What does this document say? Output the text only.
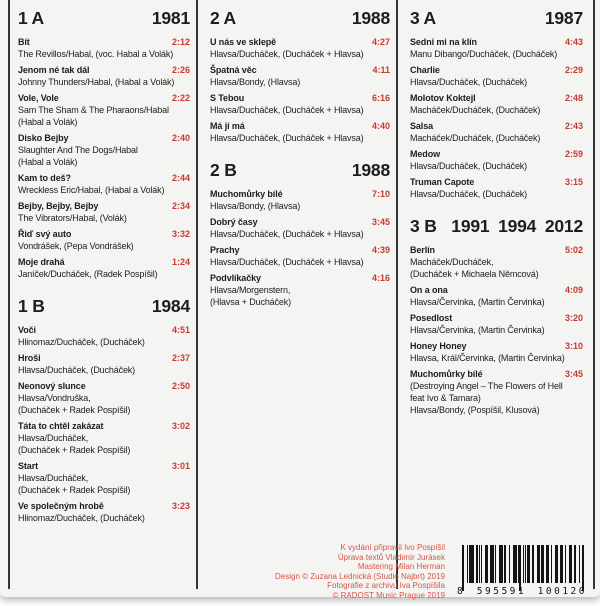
1 A	1981
Bít	2:12
The Revillos/Habal, (voc. Habal a Volák)
Jenom né tak dál	2:26
Johnny Thunders/Habal, (Habal a Volák)
Vole, Vole	2:22
Sam The Sham & The Pharaons/Habal
(Habal a Volák)
Disko Bejby	2:40
Slaughter And The Dogs/Habal
(Habal a Volák)
Kam to deš?	2:44
Wreckless Eric/Habal, (Habal a Volák)
Bejby, Bejby, Bejby	2:34
The Vibrators/Habal, (Volák)
Řiď svý auto	3:32
Vondrášek, (Pepa Vondrášek)
Moje drahá	1:24
Janíček/Ducháček, (Radek Pospíšil)
1 B	1984
Voči	4:51
Hlinomaz/Ducháček, (Ducháček)
Hroši	2:37
Hlavsa/Ducháček, (Ducháček)
Neonový slunce	2:50
Hlavsa/Vondruška,
(Ducháček + Radek Pospíšil)
Táta to chtěl zakázat	3:02
Hlavsa/Ducháček,
(Ducháček + Radek Pospíšil)
Start	3:01
Hlavsa/Ducháček,
(Ducháček + Radek Pospíšil)
Ve společným hrobě	3:23
Hlinomaz/Ducháček, (Ducháček)
2 A	1988
U nás ve sklepě	4:27
Hlavsa/Ducháček, (Ducháček + Hlavsa)
Špatná věc	4:11
Hlavsa/Bondy, (Hlavsa)
S Tebou	6:16
Hlavsa/Ducháček, (Ducháček + Hlavsa)
Má jí má	4:40
Hlavsa/Ducháček, (Ducháček + Hlavsa)
2 B	1988
Muchomůrky bílé	7:10
Hlavsa/Bondy, (Hlavsa)
Dobrý časy	3:45
Hlavsa/Ducháček, (Ducháček + Hlavsa)
Prachy	4:39
Hlavsa/Ducháček, (Ducháček + Hlavsa)
Podvlíkačky	4:16
Hlavsa/Morgenstern,
(Hlavsa + Ducháček)
3 A	1987
Sedni mi na klín	4:43
Manu Dibango/Ducháček, (Ducháček)
Charlie	2:29
Hlavsa/Ducháček, (Ducháček)
Molotov Koktejl	2:48
Macháček/Ducháček, (Ducháček)
Salsa	2:43
Macháček/Ducháček, (Ducháček)
Medow	2:59
Hlavsa/Ducháček, (Ducháček)
Truman Capote	3:15
Hlavsa/Ducháček, (Ducháček)
3 B 1991 1994 2012
Berlín	5:02
Macháček/Ducháček,
(Ducháček + Michaela Němcová)
On a ona	4:09
Hlavsa/Červinka, (Martin Červinka)
Posedlost	3:20
Hlavsa/Červinka, (Martin Červinka)
Honey Honey	3:10
Hlavsa, Král/Červinka, (Martin Červinka)
Muchomůrky bílé	3:45
(Destroying Angel – The Flowers of Hell
feat Ivo & Tamara)
Hlavsa/Bondy, (Pospíšil, Klusová)
K vydání připravil Ivo Pospíšil
Úprava textů Vladimír Jurásek
Mastering Milan Herman
Design © Zuzana Lednická (Studio Najbrt) 2019
Fotografie z archivu Iva Pospíšila
© RADOST Music Prague 2019 8 595591 100120
